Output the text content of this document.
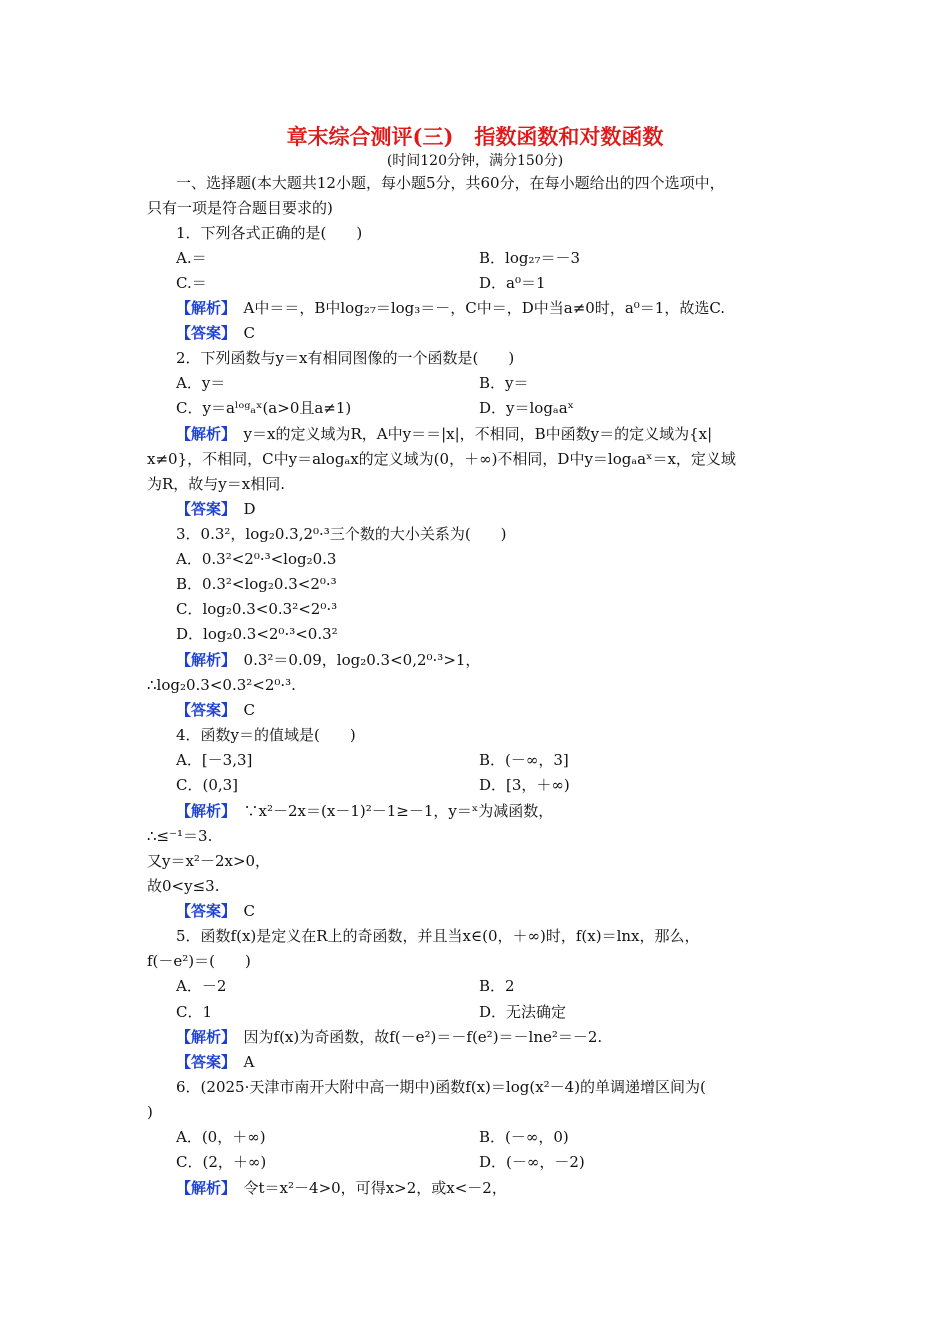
章末综合测评(三)　指数函数和对数函数
(时间120分钟，满分150分)
一、选择题(本大题共12小题，每小题5分，共60分，在每小题给出的四个选项中，
只有一项是符合题目要求的)
1．下列各式正确的是(　　)
A.＝	B．log₂₇＝－3
C.＝	D．a⁰＝1
【解析】　 A中＝＝，B中log₂₇＝log₃＝－，C中＝，D中当a≠0时，a⁰＝1，故选C.
【答案】　 C
2．下列函数与y＝x有相同图像的一个函数是(　　)
A．y＝	B．y＝
C．y＝aˡᵒᵍₐˣ(a>0且a≠1)	D．y＝logₐaˣ
【解析】　 y＝x的定义域为R，A中y＝＝|x|，不相同，B中函数y＝的定义域为{x|
x≠0}，不相同，C中y＝alogₐx的定义域为(0，＋∞)不相同，D中y＝logₐaˣ＝x，定义域
为R，故与y＝x相同.
【答案】　 D
3．0.3²，log₂0.3,2⁰·³三个数的大小关系为(　　)
A．0.3²<2⁰·³<log₂0.3
B．0.3²<log₂0.3<2⁰·³
C．log₂0.3<0.3²<2⁰·³
D．log₂0.3<2⁰·³<0.3²
【解析】　 0.3²＝0.09，log₂0.3<0,2⁰·³>1，
∴log₂0.3<0.3²<2⁰·³.
【答案】　 C
4．函数y＝的值域是(　　)
A．[－3,3]	B．(－∞，3]
C．(0,3]	D．[3，＋∞)
【解析】　 ∵x²－2x＝(x－1)²－1≥－1，y＝ˣ为减函数，
∴≤⁻¹＝3.
又y＝x²－2x>0，
故0<y≤3.
【答案】　 C
5．函数f(x)是定义在R上的奇函数，并且当x∈(0，＋∞)时，f(x)＝lnx，那么，
f(－e²)＝(　　)
A．－2	B．2
C．1	D．无法确定
【解析】　 因为f(x)为奇函数，故f(－e²)＝－f(e²)＝－lne²＝－2.
【答案】　 A
6．(2025·天津市南开大附中高一期中)函数f(x)＝log(x²－4)的单调递增区间为(
)
A．(0，＋∞)	B．(－∞，0)
C．(2，＋∞)	D．(－∞，－2)
【解析】　 令t＝x²－4>0，可得x>2，或x<－2，
